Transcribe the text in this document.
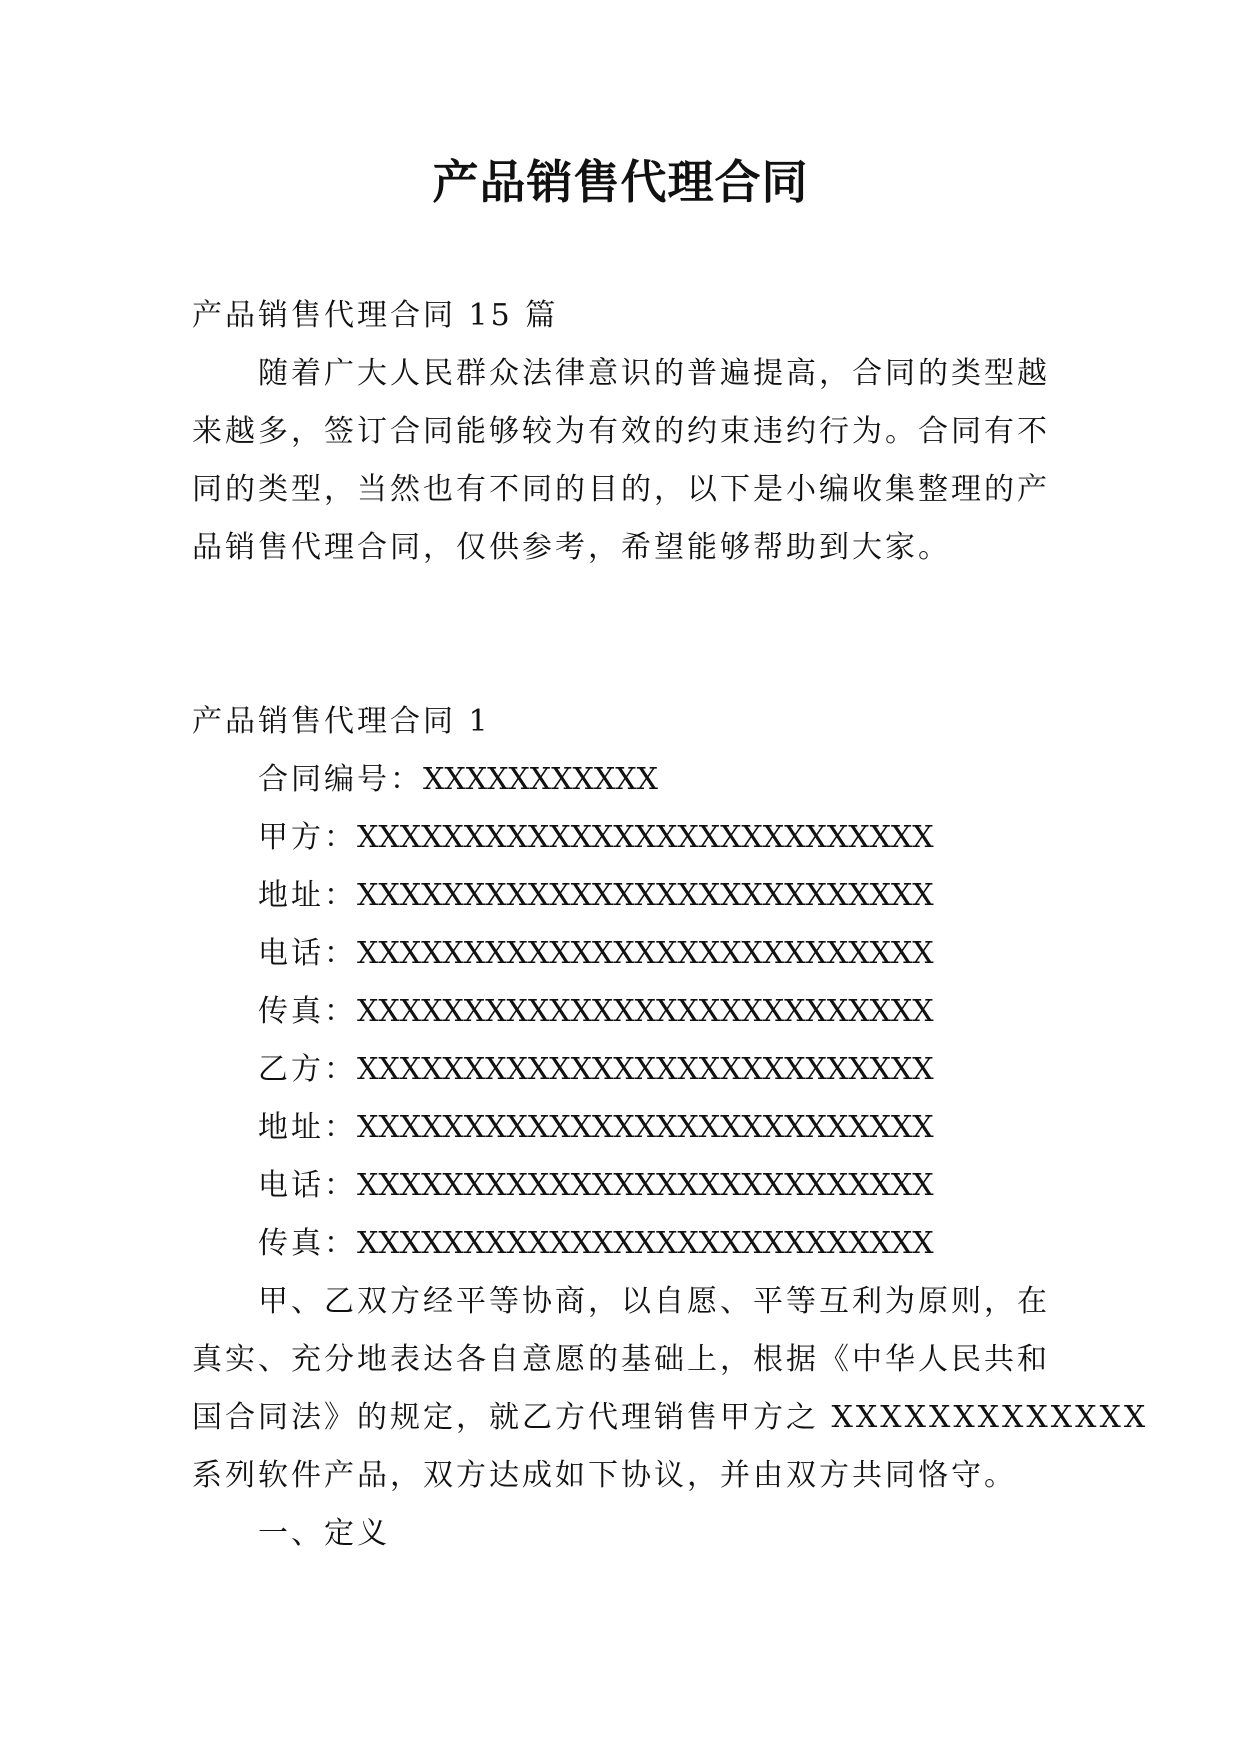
产品销售代理合同
产品销售代理合同 15 篇
随着广大人民群众法律意识的普遍提高，合同的类型越
来越多，签订合同能够较为有效的约束违约行为。合同有不
同的类型，当然也有不同的目的，以下是小编收集整理的产
品销售代理合同，仅供参考，希望能够帮助到大家。
产品销售代理合同 1
合同编号：XXXXXXXXXXX
甲方：XXXXXXXXXXXXXXXXXXXXXXXXXXX
地址：XXXXXXXXXXXXXXXXXXXXXXXXXXX
电话：XXXXXXXXXXXXXXXXXXXXXXXXXXX
传真：XXXXXXXXXXXXXXXXXXXXXXXXXXX
乙方：XXXXXXXXXXXXXXXXXXXXXXXXXXX
地址：XXXXXXXXXXXXXXXXXXXXXXXXXXX
电话：XXXXXXXXXXXXXXXXXXXXXXXXXXX
传真：XXXXXXXXXXXXXXXXXXXXXXXXXXX
甲、乙双方经平等协商，以自愿、平等互利为原则，在
真实、充分地表达各自意愿的基础上，根据《中华人民共和
国合同法》的规定，就乙方代理销售甲方之 XXXXXXXXXXXXX
系列软件产品，双方达成如下协议，并由双方共同恪守。
一、定义
